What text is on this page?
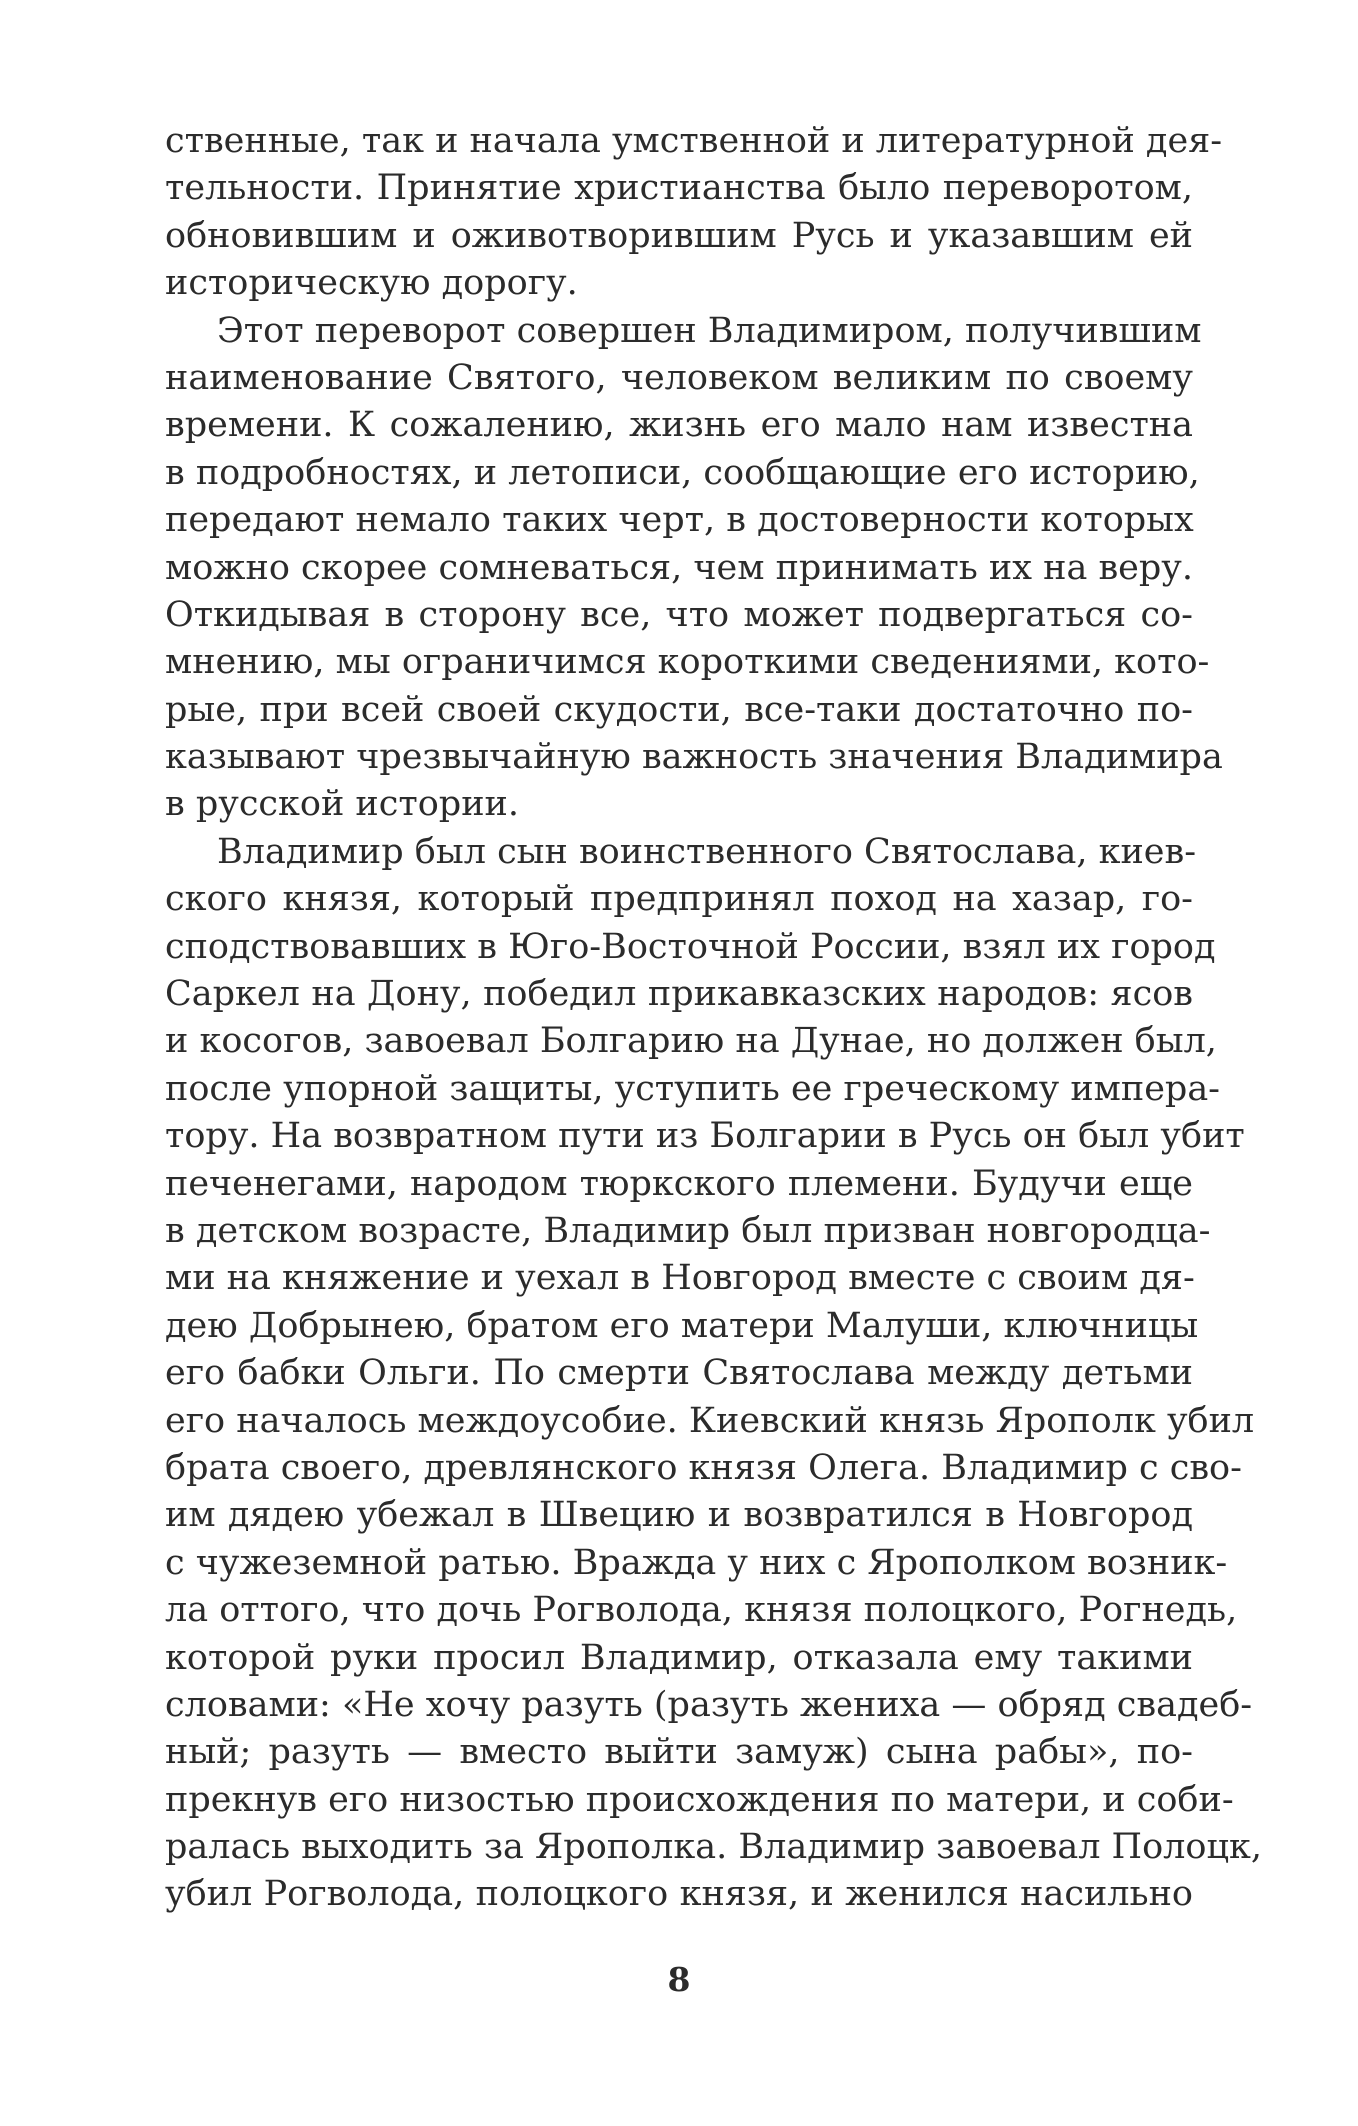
ственные, так и начала умственной и литературной дея-
тельности. Принятие христианства было переворотом,
обновившим и оживотворившим Русь и указавшим ей
историческую дорогу.
Этот переворот совершен Владимиром, получившим
наименование Святого, человеком великим по своему
времени. К сожалению, жизнь его мало нам известна
в подробностях, и летописи, сообщающие его историю,
передают немало таких черт, в достоверности которых
можно скорее сомневаться, чем принимать их на веру.
Откидывая в сторону все, что может подвергаться со-
мнению, мы ограничимся короткими сведениями, кото-
рые, при всей своей скудости, все-таки достаточно по-
казывают чрезвычайную важность значения Владимира
в русской истории.
Владимир был сын воинственного Святослава, киев-
ского князя, который предпринял поход на хазар, го-
сподствовавших в Юго-Восточной России, взял их город
Саркел на Дону, победил прикавказских народов: ясов
и косогов, завоевал Болгарию на Дунае, но должен был,
после упорной защиты, уступить ее греческому импера-
тору. На возвратном пути из Болгарии в Русь он был убит
печенегами, народом тюркского племени. Будучи еще
в детском возрасте, Владимир был призван новгородца-
ми на княжение и уехал в Новгород вместе с своим дя-
дею Добрынею, братом его матери Малуши, ключницы
его бабки Ольги. По смерти Святослава между детьми
его началось междоусобие. Киевский князь Ярополк убил
брата своего, древлянского князя Олега. Владимир с сво-
им дядею убежал в Швецию и возвратился в Новгород
с чужеземной ратью. Вражда у них с Ярополком возник-
ла оттого, что дочь Рогволода, князя полоцкого, Рогнедь,
которой руки просил Владимир, отказала ему такими
словами: «Не хочу разуть (разуть жениха — обряд свадеб-
ный; разуть — вместо выйти замуж) сына рабы», по-
прекнув его низостью происхождения по матери, и соби-
ралась выходить за Ярополка. Владимир завоевал Полоцк,
убил Рогволода, полоцкого князя, и женился насильно
8
